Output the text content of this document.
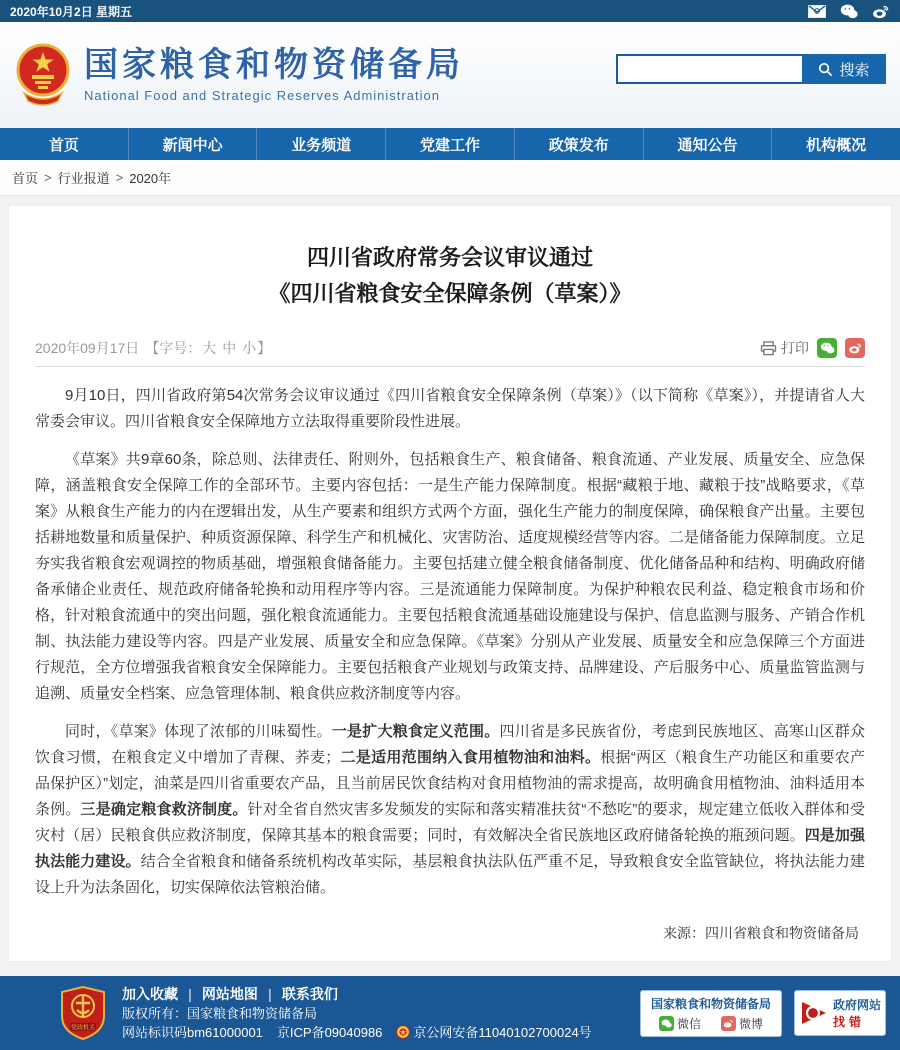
2020年10月2日 星期五
国家粮食和物资储备局
National Food and Strategic Reserves Administration
搜索
首页	新闻中心	业务频道	党建工作	政策发布	通知公告	机构概况
首页 > 行业报道 > 2020年
四川省政府常务会议审议通过
《四川省粮食安全保障条例（草案）》
2020年09月17日 【字号：大 中 小】	打印

9月10日，四川省政府第54次常务会议审议通过《四川省粮食安全保障条例（草案）》（以下简称《草案》），并提请省人大常委会审议。四川省粮食安全保障地方立法取得重要阶段性进展。

《草案》共9章60条，除总则、法律责任、附则外，包括粮食生产、粮食储备、粮食流通、产业发展、质量安全、应急保障，涵盖粮食安全保障工作的全部环节。主要内容包括：一是生产能力保障制度。根据“藏粮于地、藏粮于技”战略要求，《草案》从粮食生产能力的内在逻辑出发，从生产要素和组织方式两个方面，强化生产能力的制度保障，确保粮食产出量。主要包括耕地数量和质量保护、种质资源保障、科学生产和机械化、灾害防治、适度规模经营等内容。二是储备能力保障制度。立足夯实我省粮食宏观调控的物质基础，增强粮食储备能力。主要包括建立健全粮食储备制度、优化储备品种和结构、明确政府储备承储企业责任、规范政府储备轮换和动用程序等内容。三是流通能力保障制度。为保护种粮农民利益、稳定粮食市场和价格，针对粮食流通中的突出问题，强化粮食流通能力。主要包括粮食流通基础设施建设与保护、信息监测与服务、产销合作机制、执法能力建设等内容。四是产业发展、质量安全和应急保障。《草案》分别从产业发展、质量安全和应急保障三个方面进行规范，全方位增强我省粮食安全保障能力。主要包括粮食产业规划与政策支持、品牌建设、产后服务中心、质量监管监测与追溯、质量安全档案、应急管理体制、粮食供应救济制度等内容。

同时，《草案》体现了浓郁的川味蜀性。一是扩大粮食定义范围。四川省是多民族省份，考虑到民族地区、高寒山区群众饮食习惯，在粮食定义中增加了青稞、荞麦；二是适用范围纳入食用植物油和油料。根据“两区（粮食生产功能区和重要农产品保护区）”划定，油菜是四川省重要农产品，且当前居民饮食结构对食用植物油的需求提高，故明确食用植物油、油料适用本条例。三是确定粮食救济制度。针对全省自然灾害多发频发的实际和落实精准扶贫“不愁吃”的要求，规定建立低收入群体和受灾村（居）民粮食供应救济制度，保障其基本的粮食需要；同时，有效解决全省民族地区政府储备轮换的瓶颈问题。四是加强执法能力建设。结合全省粮食和储备系统机构改革实际，基层粮食执法队伍严重不足，导致粮食安全监管缺位，将执法能力建设上升为法条固化，切实保障依法管粮治储。

来源：四川省粮食和物资储备局
党政机关
加入收藏 | 网站地图 | 联系我们
版权所有：国家粮食和物资储备局
网站标识码bm61000001 京ICP备09040986 京公网安备11040102700024号
国家粮食和物资储备局
微信	微博
政府网站
找错
